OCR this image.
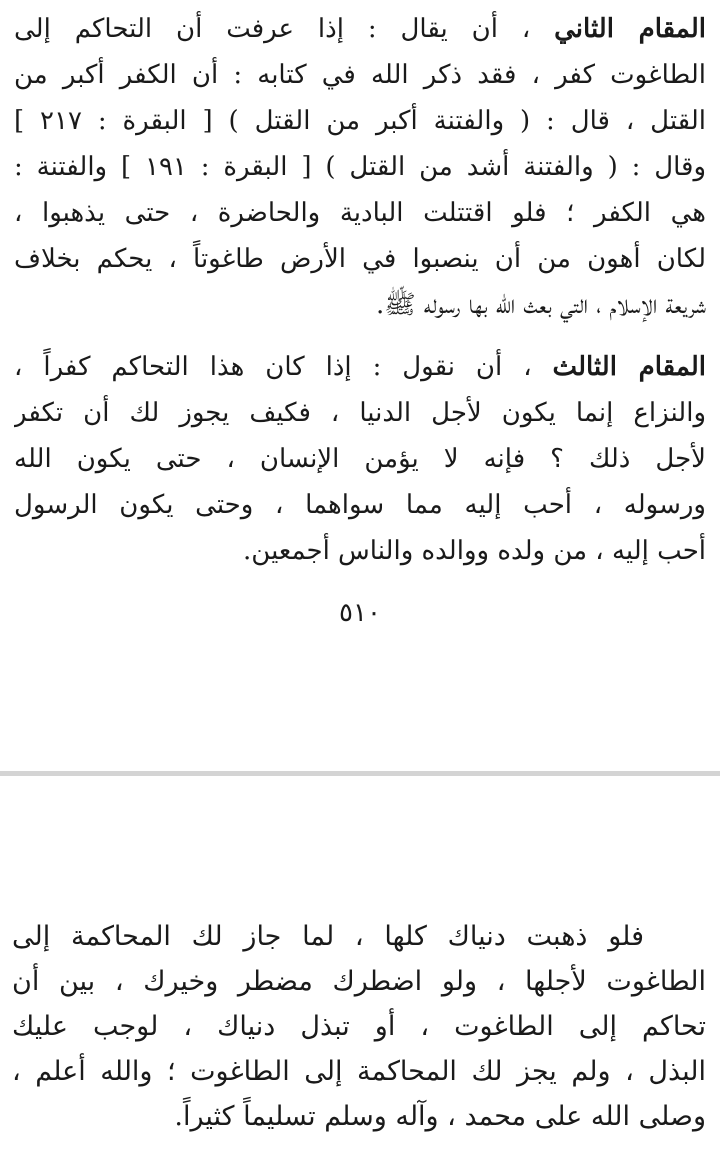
المقام الثاني ، أن يقال : إذا عرفت أن التحاكم إلى
الطاغوت كفر ، فقد ذكر الله في كتابه : أن الكفر أكبر من
القتل ، قال : ( والفتنة أكبر من القتل ) [ البقرة : ٢١٧ ]
وقال : ( والفتنة أشد من القتل ) [ البقرة : ١٩١ ] والفتنة :
هي الكفر ؛ فلو اقتتلت البادية والحاضرة ، حتى يذهبوا ،
لكان أهون من أن ينصبوا في الأرض طاغوتاً ، يحكم بخلاف
شريعة الإسلام ، التي بعث الله بها رسوله ﷺ.
المقام الثالث ، أن نقول : إذا كان هذا التحاكم كفراً ،
والنزاع إنما يكون لأجل الدنيا ، فكيف يجوز لك أن تكفر
لأجل ذلك ؟ فإنه لا يؤمن الإنسان ، حتى يكون الله
ورسوله ، أحب إليه مما سواهما ، وحتى يكون الرسول
أحب إليه ، من ولده ووالده والناس أجمعين.
٥١٠
فلو ذهبت دنياك كلها ، لما جاز لك المحاكمة إلى
الطاغوت لأجلها ، ولو اضطرك مضطر وخيرك ، بين أن
تحاكم إلى الطاغوت ، أو تبذل دنياك ، لوجب عليك
البذل ، ولم يجز لك المحاكمة إلى الطاغوت ؛ والله أعلم ،
وصلى الله على محمد ، وآله وسلم تسليماً كثيراً.
